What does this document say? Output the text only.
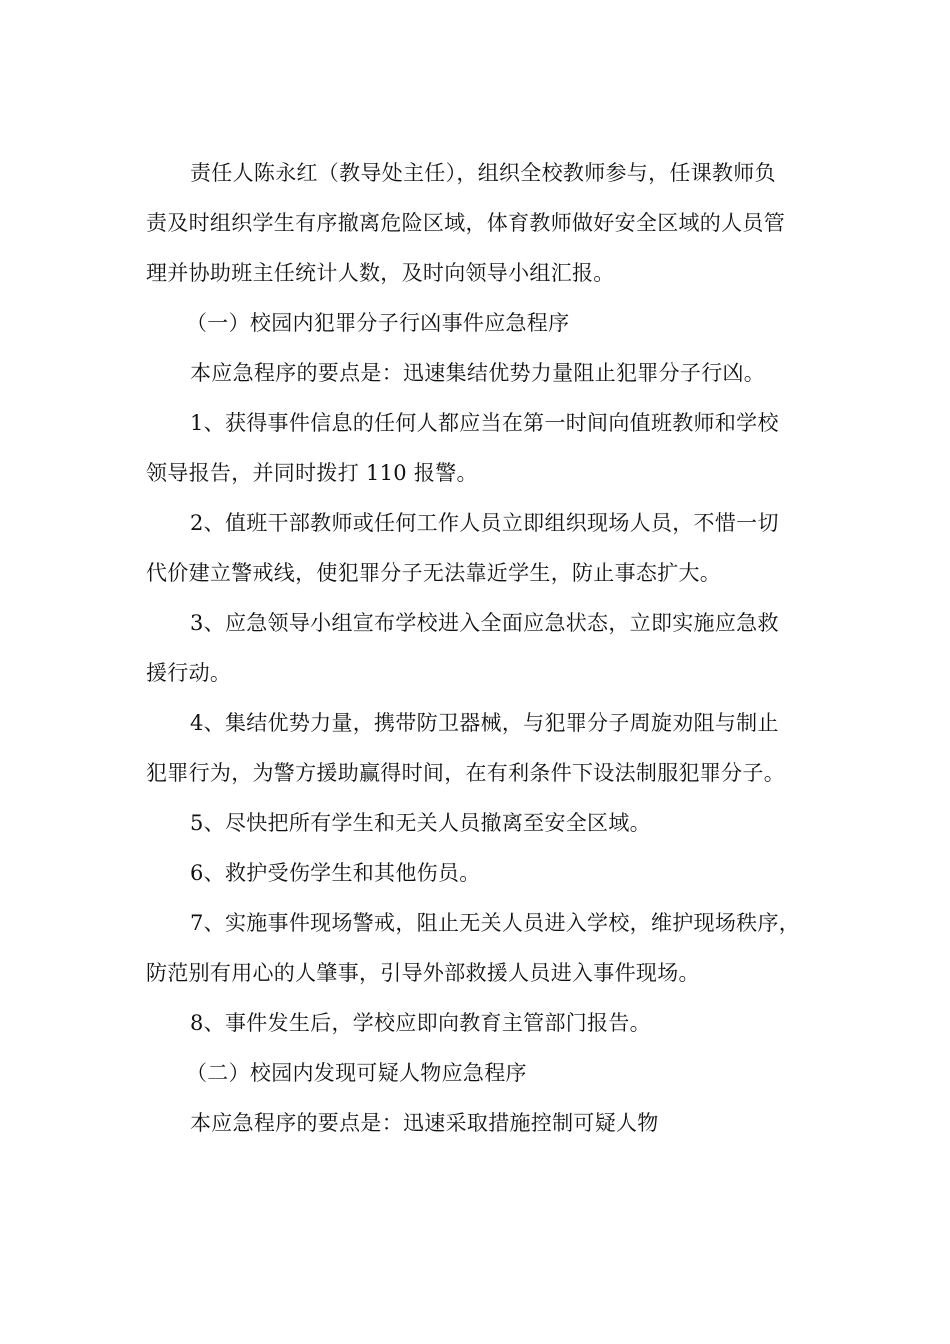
责任人陈永红（教导处主任），组织全校教师参与，任课教师负
责及时组织学生有序撤离危险区域，体育教师做好安全区域的人员管
理并协助班主任统计人数，及时向领导小组汇报。
（一）校园内犯罪分子行凶事件应急程序
本应急程序的要点是：迅速集结优势力量阻止犯罪分子行凶。
1、获得事件信息的任何人都应当在第一时间向值班教师和学校
领导报告，并同时拨打 110 报警。
2、值班干部教师或任何工作人员立即组织现场人员，不惜一切
代价建立警戒线，使犯罪分子无法靠近学生，防止事态扩大。
3、应急领导小组宣布学校进入全面应急状态，立即实施应急救
援行动。
4、集结优势力量，携带防卫器械，与犯罪分子周旋劝阻与制止
犯罪行为，为警方援助赢得时间，在有利条件下设法制服犯罪分子。
5、尽快把所有学生和无关人员撤离至安全区域。
6、救护受伤学生和其他伤员。
7、实施事件现场警戒，阻止无关人员进入学校，维护现场秩序，
防范别有用心的人肇事，引导外部救援人员进入事件现场。
8、事件发生后，学校应即向教育主管部门报告。
（二）校园内发现可疑人物应急程序
本应急程序的要点是：迅速采取措施控制可疑人物
